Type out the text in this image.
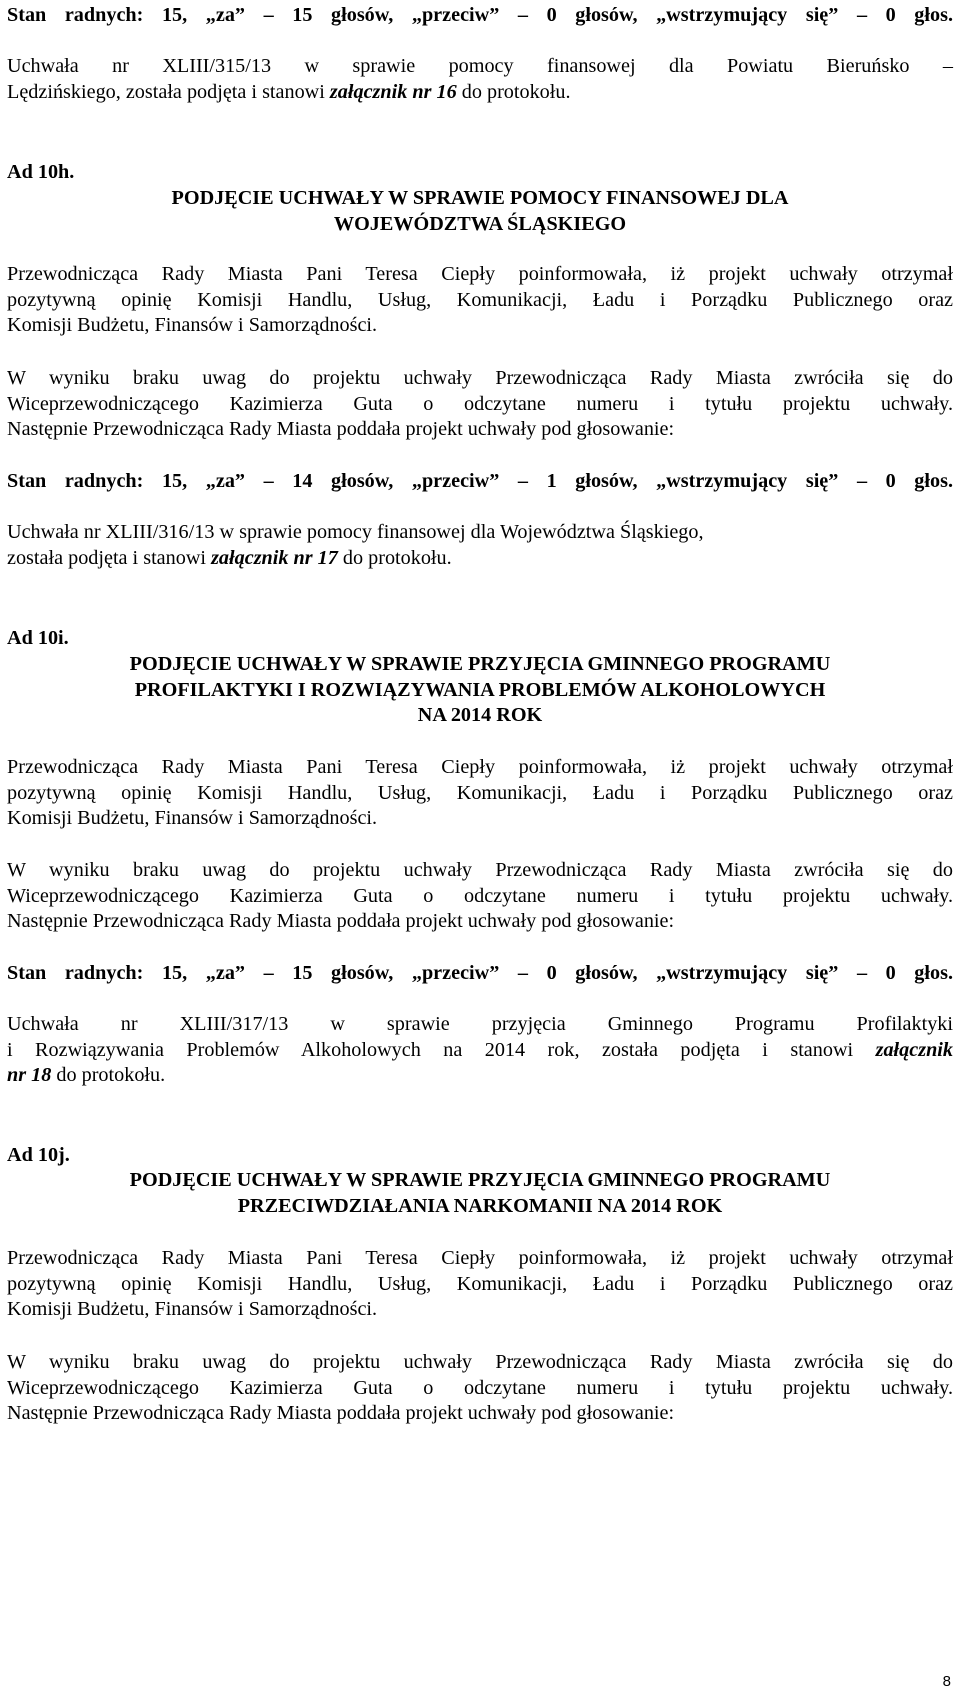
Stan radnych: 15, „za” – 15 głosów, „przeciw” – 0 głosów, „wstrzymujący się” – 0 głos.

Uchwała nr XLIII/315/13 w sprawie pomocy finansowej dla Powiatu Bieruńsko –

Lędzińskiego, została podjęta i stanowi załącznik nr 16 do protokołu.

Ad 10h.

PODJĘCIE UCHWAŁY W SPRAWIE POMOCY FINANSOWEJ DLA

WOJEWÓDZTWA ŚLĄSKIEGO

Przewodnicząca Rady Miasta Pani Teresa Ciepły poinformowała, iż projekt uchwały otrzymał

pozytywną opinię Komisji Handlu, Usług, Komunikacji, Ładu i Porządku Publicznego oraz

Komisji Budżetu, Finansów i Samorządności.

W wyniku braku uwag do projektu uchwały Przewodnicząca Rady Miasta zwróciła się do

Wiceprzewodniczącego Kazimierza Guta o odczytane numeru i tytułu projektu uchwały.

Następnie Przewodnicząca Rady Miasta poddała projekt uchwały pod głosowanie:

Stan radnych: 15, „za” – 14 głosów, „przeciw” – 1 głosów, „wstrzymujący się” – 0 głos.

Uchwała nr XLIII/316/13 w sprawie pomocy finansowej dla Województwa Śląskiego,

została podjęta i stanowi załącznik nr 17 do protokołu.

Ad 10i.

PODJĘCIE UCHWAŁY W SPRAWIE PRZYJĘCIA GMINNEGO PROGRAMU

PROFILAKTYKI I ROZWIĄZYWANIA PROBLEMÓW ALKOHOLOWYCH

NA 2014 ROK

Przewodnicząca Rady Miasta Pani Teresa Ciepły poinformowała, iż projekt uchwały otrzymał

pozytywną opinię Komisji Handlu, Usług, Komunikacji, Ładu i Porządku Publicznego oraz

Komisji Budżetu, Finansów i Samorządności.

W wyniku braku uwag do projektu uchwały Przewodnicząca Rady Miasta zwróciła się do

Wiceprzewodniczącego Kazimierza Guta o odczytane numeru i tytułu projektu uchwały.

Następnie Przewodnicząca Rady Miasta poddała projekt uchwały pod głosowanie:

Stan radnych: 15, „za” – 15 głosów, „przeciw” – 0 głosów, „wstrzymujący się” – 0 głos.

Uchwała nr XLIII/317/13 w sprawie przyjęcia Gminnego Programu Profilaktyki

i Rozwiązywania Problemów Alkoholowych na 2014 rok, została podjęta i stanowi załącznik

nr 18 do protokołu.

Ad 10j.

PODJĘCIE UCHWAŁY W SPRAWIE PRZYJĘCIA GMINNEGO PROGRAMU

PRZECIWDZIAŁANIA NARKOMANII NA 2014 ROK

Przewodnicząca Rady Miasta Pani Teresa Ciepły poinformowała, iż projekt uchwały otrzymał

pozytywną opinię Komisji Handlu, Usług, Komunikacji, Ładu i Porządku Publicznego oraz

Komisji Budżetu, Finansów i Samorządności.

W wyniku braku uwag do projektu uchwały Przewodnicząca Rady Miasta zwróciła się do

Wiceprzewodniczącego Kazimierza Guta o odczytane numeru i tytułu projektu uchwały.

Następnie Przewodnicząca Rady Miasta poddała projekt uchwały pod głosowanie:

8
